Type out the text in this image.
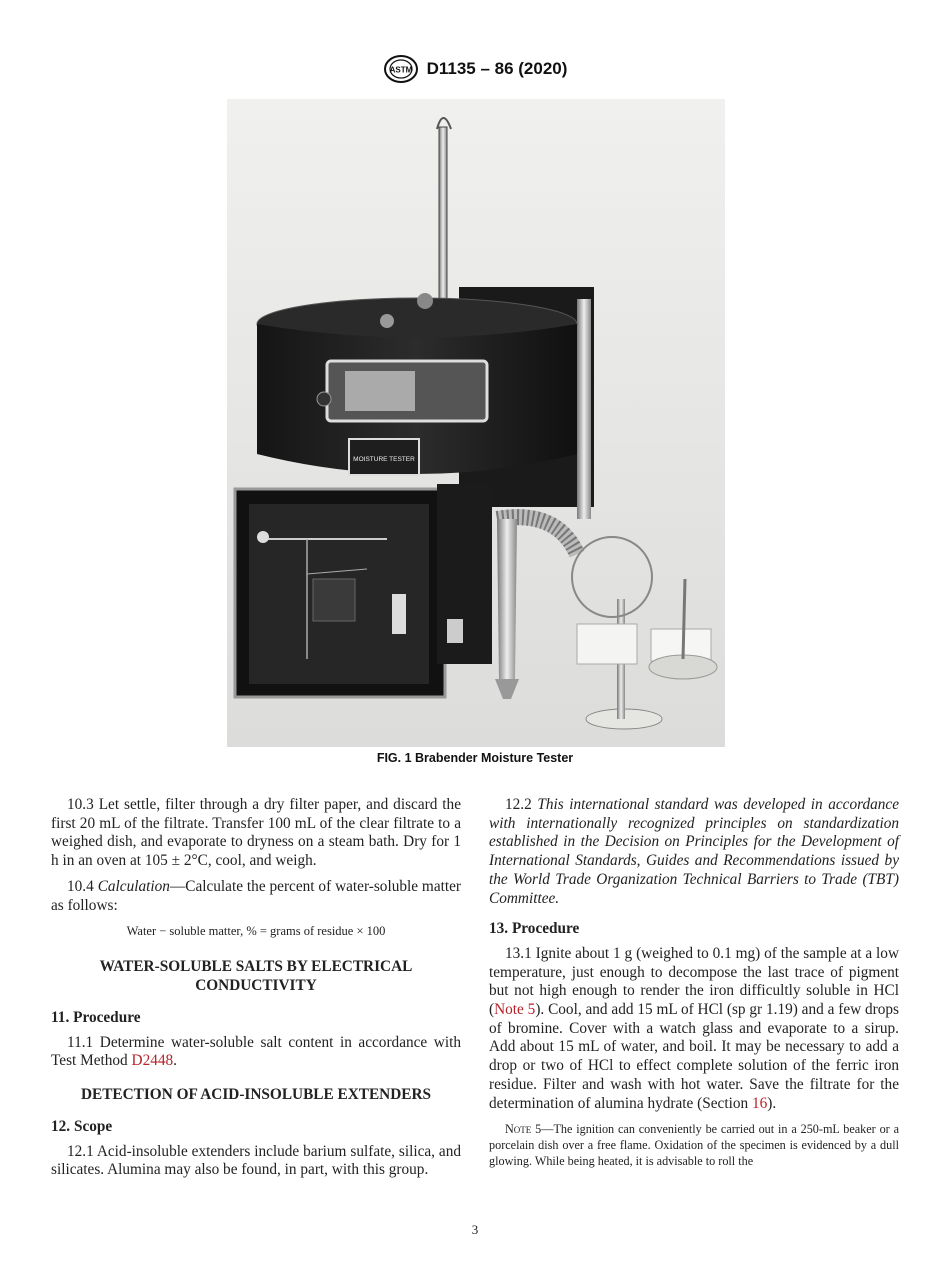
ASTM D1135 – 86 (2020)
MOISTURE TESTER
FIG. 1 Brabender Moisture Tester

10.3 Let settle, filter through a dry filter paper, and discard the first 20 mL of the filtrate. Transfer 100 mL of the clear filtrate to a weighed dish, and evaporate to dryness on a steam bath. Dry for 1 h in an oven at 105 ± 2°C, cool, and weigh.

10.4 Calculation—Calculate the percent of water-soluble matter as follows:

Water − soluble matter, % = grams of residue × 100
WATER-SOLUBLE SALTS BY ELECTRICAL CONDUCTIVITY
11. Procedure

11.1 Determine water-soluble salt content in accordance with Test Method D2448.

DETECTION OF ACID-INSOLUBLE EXTENDERS
12. Scope

12.1 Acid-insoluble extenders include barium sulfate, silica, and silicates. Alumina may also be found, in part, with this group.

12.2 This international standard was developed in accordance with internationally recognized principles on standardization established in the Decision on Principles for the Development of International Standards, Guides and Recommendations issued by the World Trade Organization Technical Barriers to Trade (TBT) Committee.

13. Procedure

13.1 Ignite about 1 g (weighed to 0.1 mg) of the sample at a low temperature, just enough to decompose the last trace of pigment but not high enough to render the iron difficultly soluble in HCl (Note 5). Cool, and add 15 mL of HCl (sp gr 1.19) and a few drops of bromine. Cover with a watch glass and evaporate to a sirup. Add about 15 mL of water, and boil. It may be necessary to add a drop or two of HCl to effect complete solution of the ferric iron residue. Filter and wash with hot water. Save the filtrate for the determination of alumina hydrate (Section 16).

Note 5—The ignition can conveniently be carried out in a 250-mL beaker or a porcelain dish over a free flame. Oxidation of the specimen is evidenced by a dull glowing. While being heated, it is advisable to roll the

3
